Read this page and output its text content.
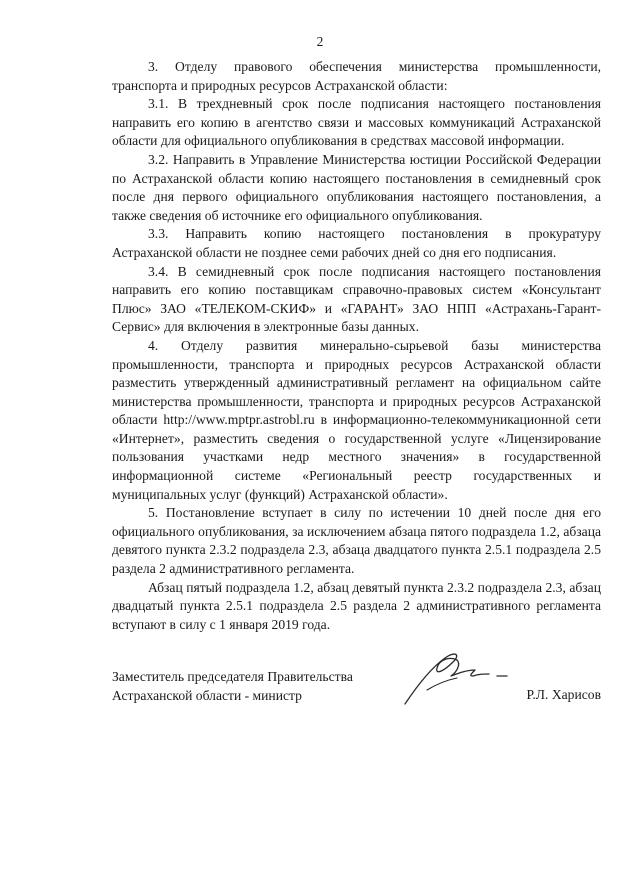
2

3. Отделу правового обеспечения министерства промышленности, транспорта и природных ресурсов Астраханской области:

3.1. В трехдневный срок после подписания настоящего постановления направить его копию в агентство связи и массовых коммуникаций Астраханской области для официального опубликования в средствах массовой информации.

3.2. Направить в Управление Министерства юстиции Российской Федерации по Астраханской области копию настоящего постановления в семидневный срок после дня первого официального опубликования настоящего постановления, а также сведения об источнике его официального опубликования.

3.3. Направить копию настоящего постановления в прокуратуру Астраханской области не позднее семи рабочих дней со дня его подписания.

3.4. В семидневный срок после подписания настоящего постановления направить его копию поставщикам справочно-правовых систем «Консультант Плюс» ЗАО «ТЕЛЕКОМ-СКИФ» и «ГАРАНТ» ЗАО НПП «Астрахань-Гарант-Сервис» для включения в электронные базы данных.

4. Отделу развития минерально-сырьевой базы министерства промышленности, транспорта и природных ресурсов Астраханской области разместить утвержденный административный регламент на официальном сайте министерства промышленности, транспорта и природных ресурсов Астраханской области http://www.mptpr.astrobl.ru в информационно-телекоммуникационной сети «Интернет», разместить сведения о государственной услуге «Лицензирование пользования участками недр местного значения» в государственной информационной системе «Региональный реестр государственных и муниципальных услуг (функций) Астраханской области».

5. Постановление вступает в силу по истечении 10 дней после дня его официального опубликования, за исключением абзаца пятого подраздела 1.2, абзаца девятого пункта 2.3.2 подраздела 2.3, абзаца двадцатого пункта 2.5.1 подраздела 2.5 раздела 2 административного регламента.

Абзац пятый подраздела 1.2, абзац девятый пункта 2.3.2 подраздела 2.3, абзац двадцатый пункта 2.5.1 подраздела 2.5 раздела 2 административного регламента вступают в силу с 1 января 2019 года.

Заместитель председателя Правительства
Астраханской области - министр	Р.Л. Харисов
